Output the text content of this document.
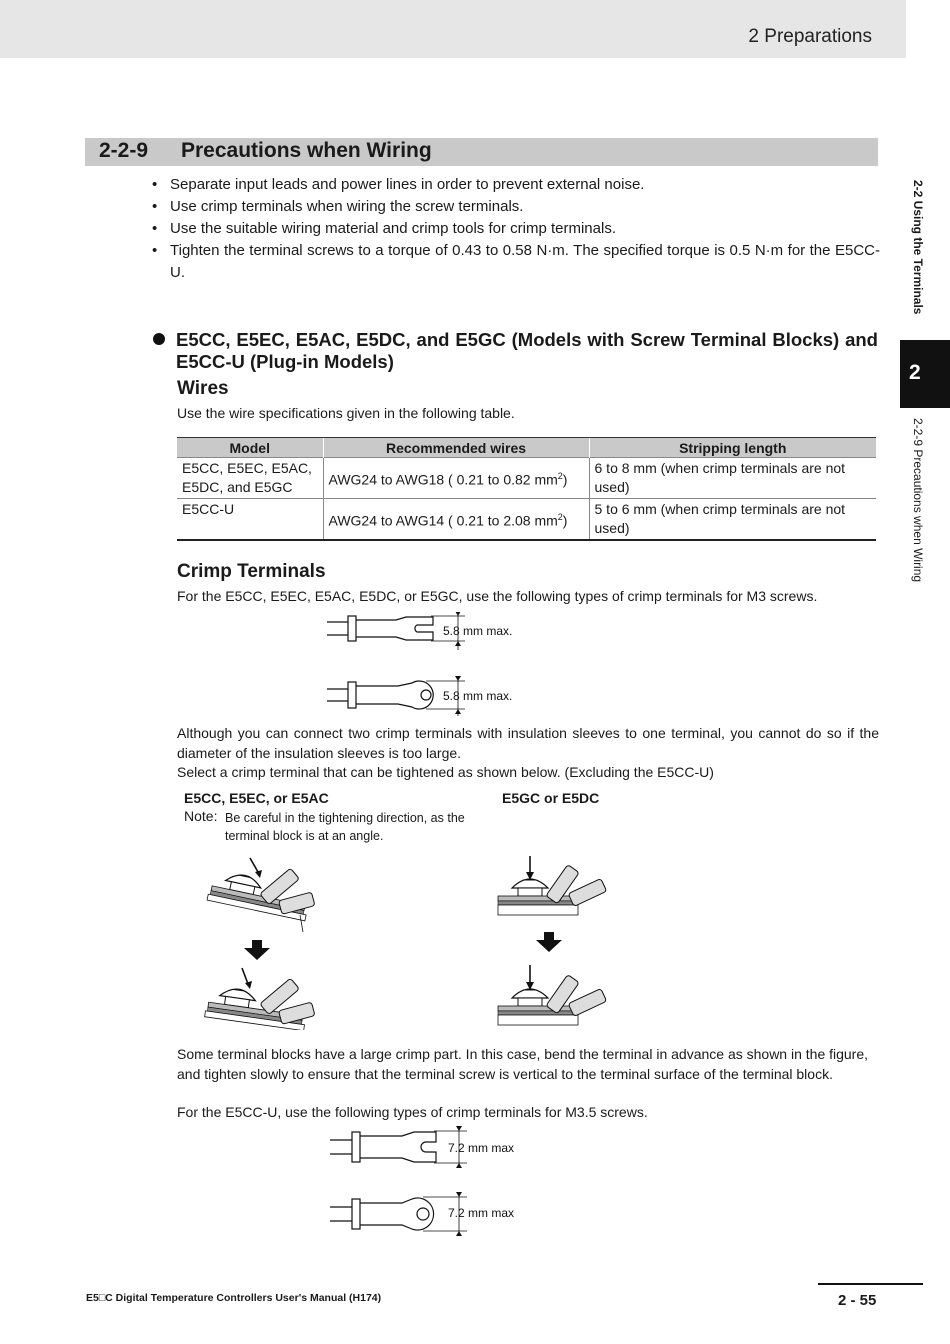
2 Preparations
2-2-9 Precautions when Wiring
• Separate input leads and power lines in order to prevent external noise.
• Use crimp terminals when wiring the screw terminals.
• Use the suitable wiring material and crimp tools for crimp terminals.
• Tighten the terminal screws to a torque of 0.43 to 0.58 N·m. The specified torque is 0.5 N·m for the E5CC-U.
E5CC, E5EC, E5AC, E5DC, and E5GC (Models with Screw Terminal Blocks) and E5CC-U (Plug-in Models)
Wires
Use the wire specifications given in the following table.
Model	Recommended wires	Stripping length
E5CC, E5EC, E5AC, E5DC, and E5GC	AWG24 to AWG18 ( 0.21 to 0.82 $mm^2$)	6 to 8 mm (when crimp terminals are not used)
E5CC-U	AWG24 to AWG14 ( 0.21 to 2.08 $mm^2$)	5 to 6 mm (when crimp terminals are not used)
Crimp Terminals
For the E5CC, E5EC, E5AC, E5DC, or E5GC, use the following types of crimp terminals for M3 screws.
5.8 mm max.
5.8 mm max.
Although you can connect two crimp terminals with insulation sleeves to one terminal, you cannot do so if the diameter of the insulation sleeves is too large.
Select a crimp terminal that can be tightened as shown below. (Excluding the E5CC-U)
E5CC, E5EC, or E5AC
Note: Be careful in the tightening direction, as the terminal block is at an angle.
E5GC or E5DC
Some terminal blocks have a large crimp part. In this case, bend the terminal in advance as shown in the figure, and tighten slowly to ensure that the terminal screw is vertical to the terminal surface of the terminal block.
For the E5CC-U, use the following types of crimp terminals for M3.5 screws.
7.2 mm max
7.2 mm max
2-2 Using the Terminals
2
2-2-9 Precautions when Wiring
E5□C Digital Temperature Controllers User's Manual (H174)	2 - 55
